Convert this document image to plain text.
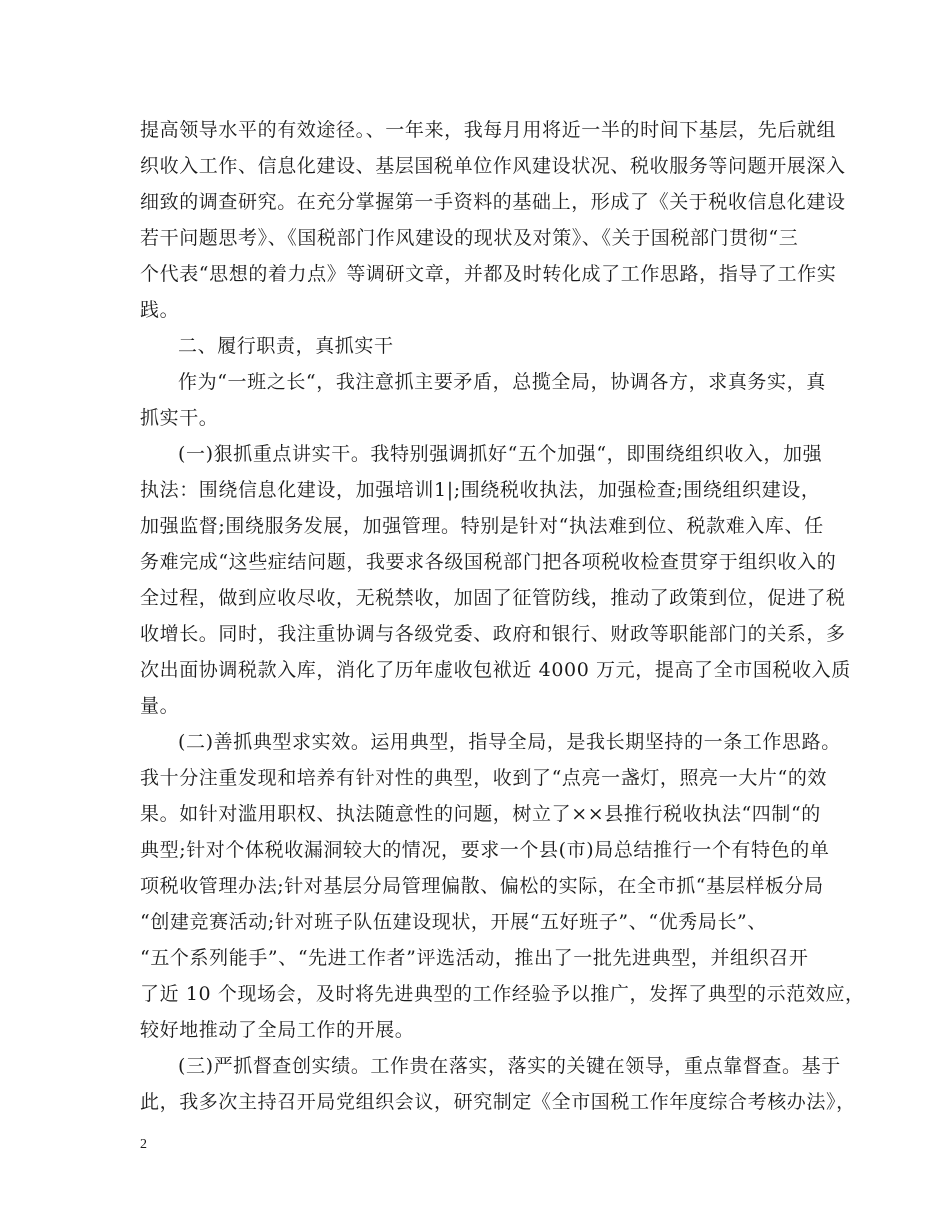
提高领导水平的有效途径。、一年来，我每月用将近一半的时间下基层，先后就组
织收入工作、信息化建设、基层国税单位作风建设状况、税收服务等问题开展深入
细致的调查研究。在充分掌握第一手资料的基础上，形成了《关于税收信息化建设
若干问题思考》、《国税部门作风建设的现状及对策》、《关于国税部门贯彻“三
个代表“思想的着力点》等调研文章，并都及时转化成了工作思路，指导了工作实
践。
二、履行职责，真抓实干
作为“一班之长“，我注意抓主要矛盾，总揽全局，协调各方，求真务实，真
抓实干。
(一)狠抓重点讲实干。我特别强调抓好“五个加强“，即围绕组织收入，加强
执法：围绕信息化建设，加强培训1|;围绕税收执法，加强检查;围绕组织建设，
加强监督;围绕服务发展，加强管理。特别是针对“执法难到位、税款难入库、任
务难完成“这些症结问题，我要求各级国税部门把各项税收检查贯穿于组织收入的
全过程，做到应收尽收，无税禁收，加固了征管防线，推动了政策到位，促进了税
收增长。同时，我注重协调与各级党委、政府和银行、财政等职能部门的关系，多
次出面协调税款入库，消化了历年虚收包袱近 4000 万元，提高了全市国税收入质
量。
(二)善抓典型求实效。运用典型，指导全局，是我长期坚持的一条工作思路。
我十分注重发现和培养有针对性的典型，收到了“点亮一盏灯，照亮一大片“的效
果。如针对滥用职权、执法随意性的问题，树立了××县推行税收执法“四制“的
典型;针对个体税收漏洞较大的情况，要求一个县(市)局总结推行一个有特色的单
项税收管理办法;针对基层分局管理偏散、偏松的实际，在全市抓“基层样板分局
“创建竞赛活动;针对班子队伍建设现状，开展“五好班子”、“优秀局长”、
“五个系列能手”、“先进工作者”评选活动，推出了一批先进典型，并组织召开
了近 10 个现场会，及时将先进典型的工作经验予以推广，发挥了典型的示范效应，
较好地推动了全局工作的开展。
(三)严抓督查创实绩。工作贵在落实，落实的关键在领导，重点靠督查。基于
此，我多次主持召开局党组织会议，研究制定《全市国税工作年度综合考核办法》，
2
